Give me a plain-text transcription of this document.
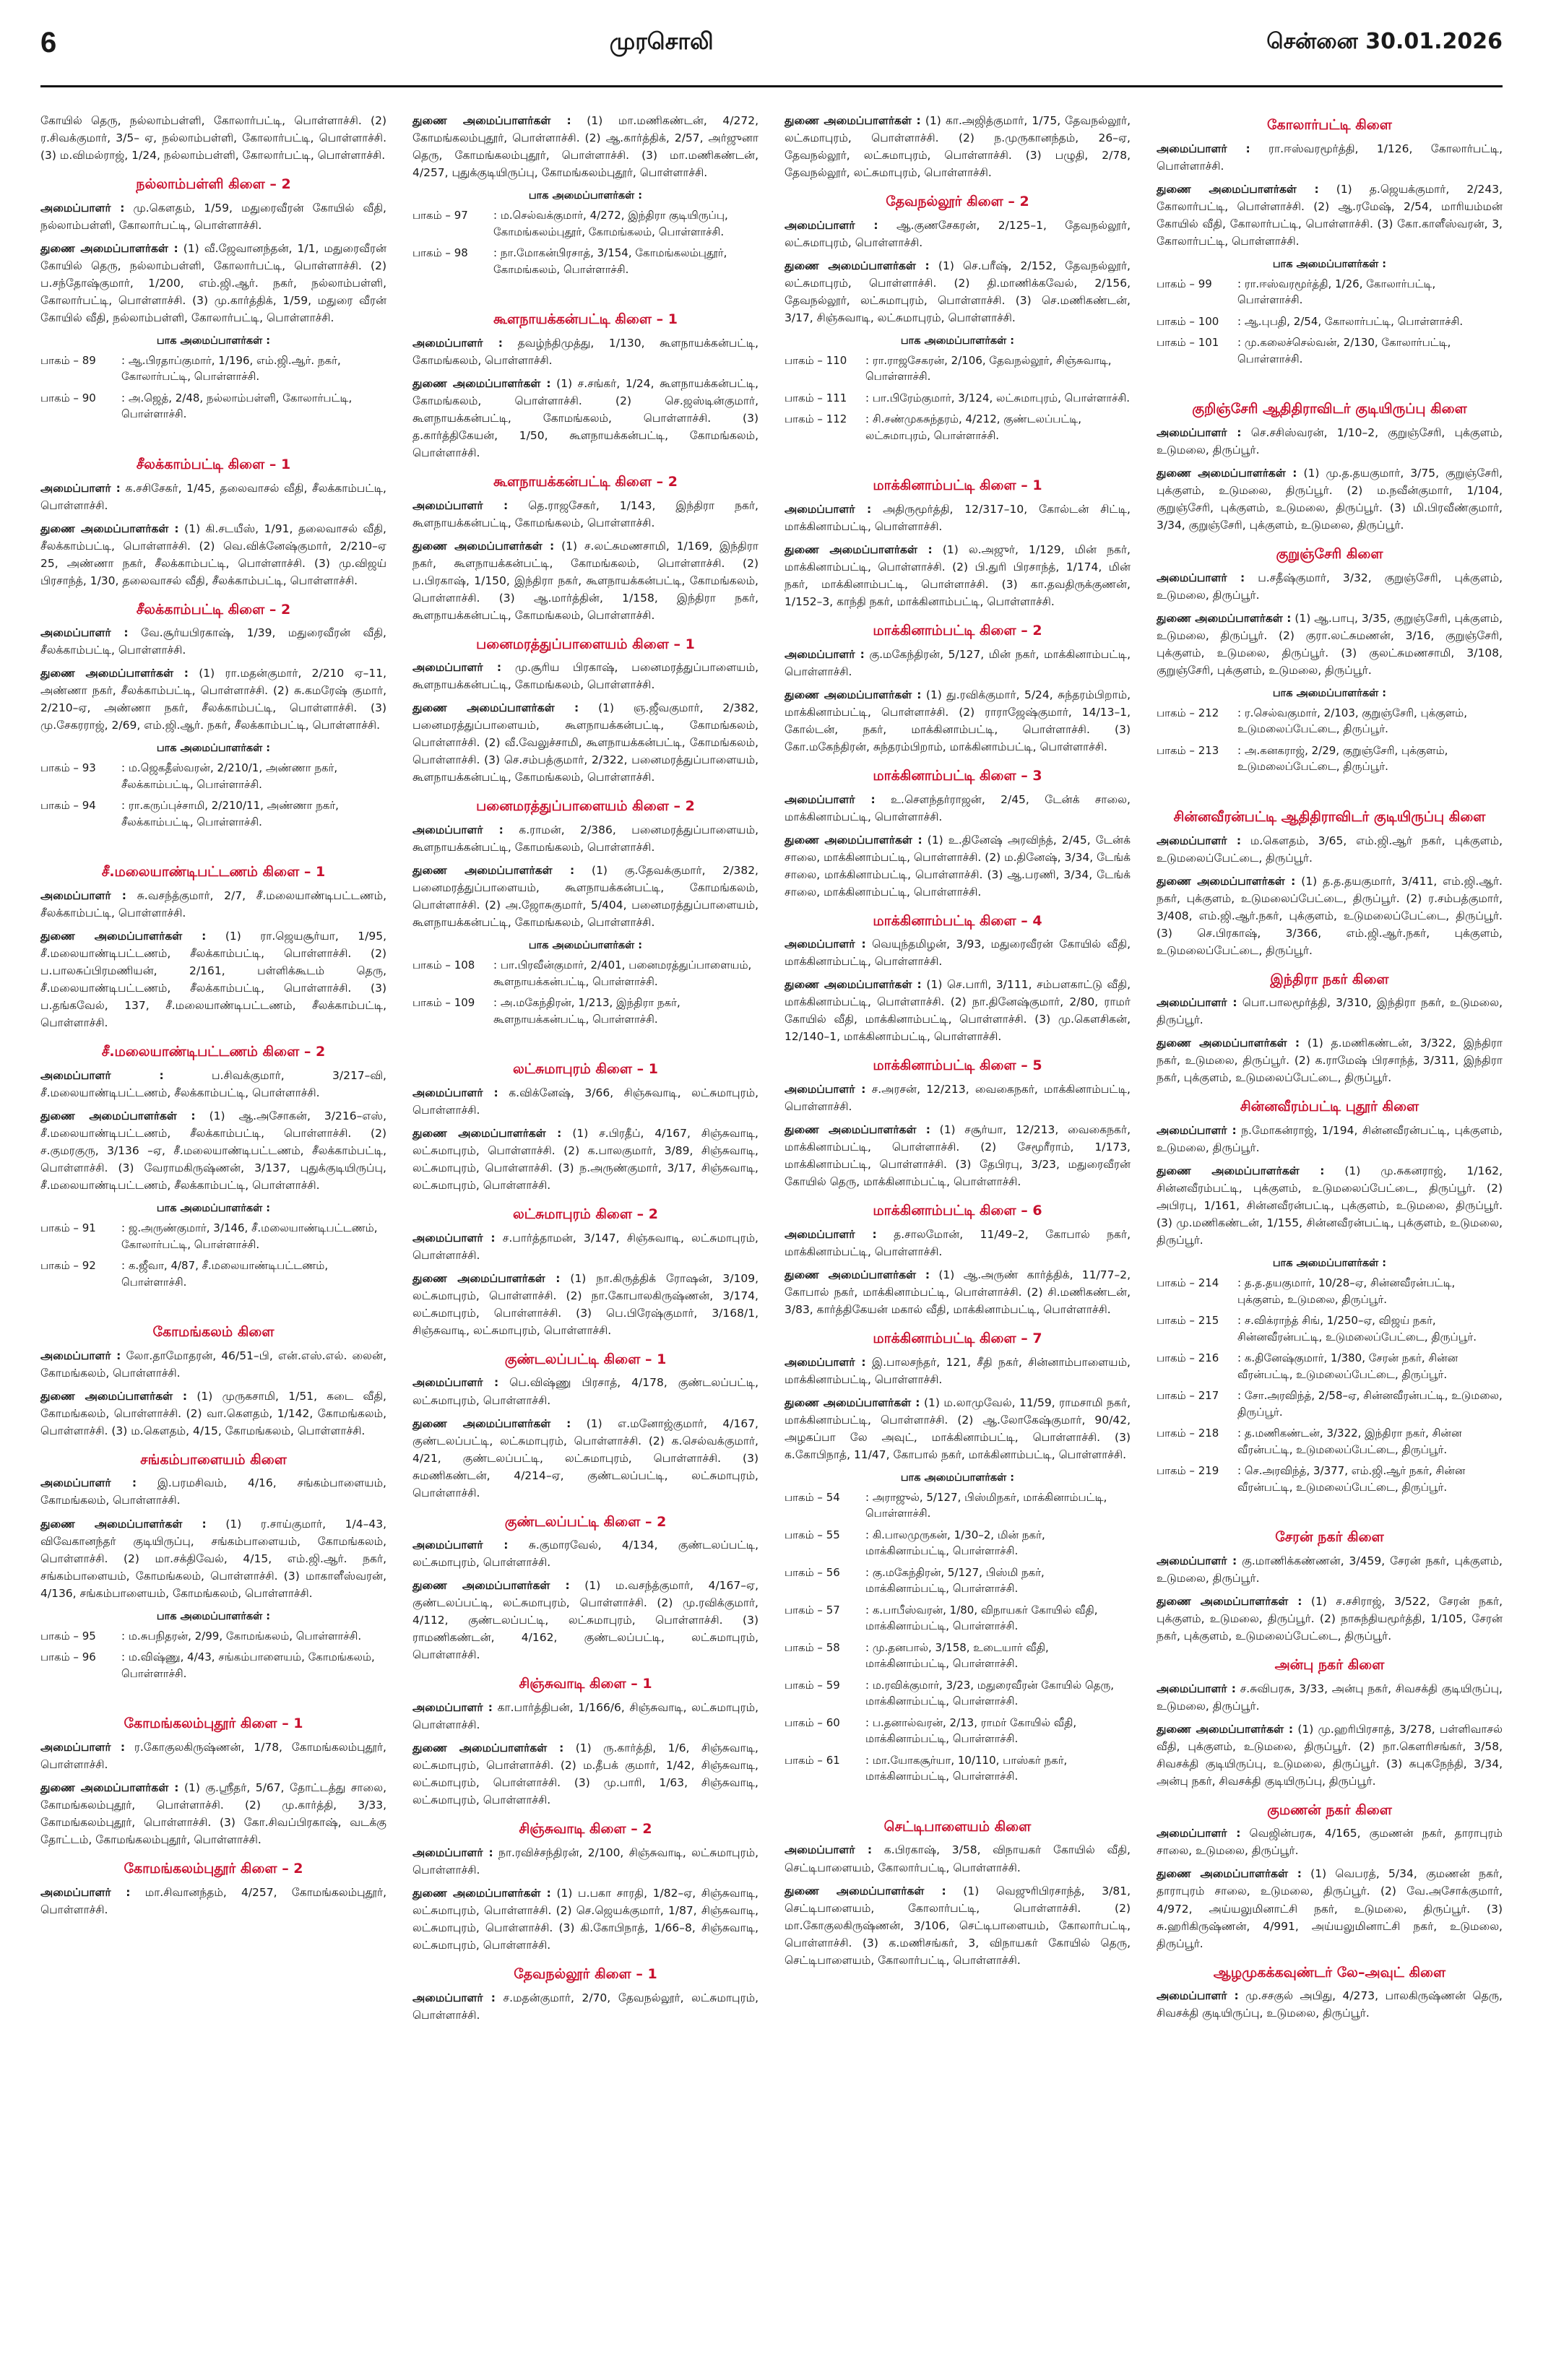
6	முரசொலி	சென்னை 30.01.2026

கோயில் தெரு, நல்லாம்பள்ளி, கோலார்பட்டி, பொள்ளாச்சி. (2) ர.சிவக்குமார், 3/5– ஏ, நல்லாம்பள்ளி, கோலார்பட்டி, பொள்ளாச்சி. (3) ம.விமல்ராஜ், 1/24, நல்லாம்பள்ளி, கோலார்பட்டி, பொள்ளாச்சி.

நல்லாம்பள்ளி கிளை – 2

அமைப்பாளர் : மு.கௌதம், 1/59, மதுரைவீரன் கோயில் வீதி, நல்லாம்பள்ளி, கோலார்பட்டி, பொள்ளாச்சி.

துணை அமைப்பாளர்கள் : (1) வீ.ஜேவானந்தன், 1/1, மதுரைவீரன் கோயில் தெரு, நல்லாம்பள்ளி, கோலார்பட்டி, பொள்ளாச்சி. (2) ப.சந்தோஷ்குமார், 1/200, எம்.ஜி.ஆர். நகர், நல்லாம்பள்ளி, கோலார்பட்டி, பொள்ளாச்சி. (3) மு.கார்த்திக், 1/59, மதுரை வீரன் கோயில் வீதி, நல்லாம்பள்ளி, கோலார்பட்டி, பொள்ளாச்சி.

பாக அமைப்பாளர்கள் :
பாகம் – 89	: ஆ.பிரதாப்குமார், 1/196, எம்.ஜி.ஆர். நகர், கோலார்பட்டி, பொள்ளாச்சி.
பாகம் – 90	: அ.ஜெத், 2/48, நல்லாம்பள்ளி, கோலார்பட்டி, பொள்ளாச்சி.
சீலக்காம்பட்டி கிளை – 1

அமைப்பாளர் : க.சசிசேகர், 1/45, தலைவாசல் வீதி, சீலக்காம்பட்டி, பொள்ளாச்சி.

துணை அமைப்பாளர்கள் : (1) கி.சடயீஸ், 1/91, தலைவாசல் வீதி, சீலக்காம்பட்டி, பொள்ளாச்சி. (2) வெ.விக்னேஷ்குமார், 2/210–ஏ 25, அண்ணா நகர், சீலக்காம்பட்டி, பொள்ளாச்சி. (3) மு.விஜய் பிரசாந்த், 1/30, தலைவாசல் வீதி, சீலக்காம்பட்டி, பொள்ளாச்சி.

சீலக்காம்பட்டி கிளை – 2

அமைப்பாளர் : வே.சூர்யபிரகாஷ், 1/39, மதுரைவீரன் வீதி, சீலக்காம்பட்டி, பொள்ளாச்சி.

துணை அமைப்பாளர்கள் : (1) ரா.மதன்குமார், 2/210 ஏ–11, அண்ணா நகர், சீலக்காம்பட்டி, பொள்ளாச்சி. (2) சு.கமரேஷ் குமார், 2/210–ஏ, அண்ணா நகர், சீலக்காம்பட்டி, பொள்ளாச்சி. (3) மு.சேகரராஜ், 2/69, எம்.ஜி.ஆர். நகர், சீலக்காம்பட்டி, பொள்ளாச்சி.

பாக அமைப்பாளர்கள் :
பாகம் – 93	: ம.ஜெகதீஸ்வரன், 2/210/1, அண்ணா நகர், சீலக்காம்பட்டி, பொள்ளாச்சி.
பாகம் – 94	: ரா.கருப்புச்சாமி, 2/210/11, அண்ணா நகர், சீலக்காம்பட்டி, பொள்ளாச்சி.
சீ.மலையாண்டிபட்டணம் கிளை – 1

அமைப்பாளர் : சு.வசந்த்குமார், 2/7, சீ.மலையாண்டிபட்டணம், சீலக்காம்பட்டி, பொள்ளாச்சி.

துணை அமைப்பாளர்கள் : (1) ரா.ஜெயசூர்யா, 1/95, சீ.மலையாண்டிபட்டணம், சீலக்காம்பட்டி, பொள்ளாச்சி. (2) ப.பாலசுப்பிரமணியன், 2/161, பள்ளிக்கூடம் தெரு, சீ.மலையாண்டிபட்டணம், சீலக்காம்பட்டி, பொள்ளாச்சி. (3) ப.தங்கவேல், 137, சீ.மலையாண்டிபட்டணம், சீலக்காம்பட்டி, பொள்ளாச்சி.

சீ.மலையாண்டிபட்டணம் கிளை – 2

அமைப்பாளர் :	ப.சிவக்குமார், 3/217–வி, சீ.மலையாண்டிபட்டணம், சீலக்காம்பட்டி, பொள்ளாச்சி.

துணை அமைப்பாளர்கள் : (1) ஆ.அசோகன், 3/216–எஸ், சீ.மலையாண்டிபட்டணம், சீலக்காம்பட்டி, பொள்ளாச்சி. (2) ச.குமரகுரு, 3/136 –ஏ, சீ.மலையாண்டிபட்டணம், சீலக்காம்பட்டி, பொள்ளாச்சி. (3) வேராமகிருஷ்ணன், 3/137, புதுக்குடியிருப்பு, சீ.மலையாண்டிபட்டணம், சீலக்காம்பட்டி, பொள்ளாச்சி.

பாக அமைப்பாளர்கள் :
பாகம் – 91	: ஜ.அருண்குமார், 3/146, சீ.மலையாண்டிபட்டணம், கோலார்பட்டி, பொள்ளாச்சி.
பாகம் – 92	: க.ஜீவா, 4/87, சீ.மலையாண்டிபட்டணம், பொள்ளாச்சி.
கோமங்கலம் கிளை

அமைப்பாளர் : லோ.தாமோதரன், 46/51–பி, என்.எஸ்.எல். லைன், கோமங்கலம், பொள்ளாச்சி.

துணை அமைப்பாளர்கள் : (1) முருகசாமி, 1/51, கடை வீதி, கோமங்கலம், பொள்ளாச்சி. (2) வா.கௌதம், 1/142, கோமங்கலம், பொள்ளாச்சி. (3) ம.கௌதம், 4/15, கோமங்கலம், பொள்ளாச்சி.

சங்கம்பாளையம் கிளை

அமைப்பாளர் : இ.பரமசிவம், 4/16, சங்கம்பாளையம், கோமங்கலம், பொள்ளாச்சி.

துணை அமைப்பாளர்கள் : (1) ர.சாய்குமார், 1/4–43, விவேகானந்தர் குடியிருப்பு, சங்கம்பாளையம், கோமங்கலம், பொள்ளாச்சி. (2) மா.சக்திவேல், 4/15, எம்.ஜி.ஆர். நகர், சங்கம்பாளையம், கோமங்கலம், பொள்ளாச்சி. (3) மாகாளீஸ்வரன், 4/136, சங்கம்பாளையம், கோமங்கலம், பொள்ளாச்சி.

பாக அமைப்பாளர்கள் :
பாகம் – 95	: ம.சுபநிதரன், 2/99, கோமங்கலம், பொள்ளாச்சி.
பாகம் – 96	: ம.விஷ்ணு, 4/43, சங்கம்பாளையம், கோமங்கலம், பொள்ளாச்சி.
கோமங்கலம்புதூர் கிளை – 1

அமைப்பாளர் : ர.கோகுலகிருஷ்ணன், 1/78, கோமங்கலம்புதூர், பொள்ளாச்சி.

துணை அமைப்பாளர்கள் : (1) கு.ஸ்ரீதர், 5/67, தோட்டத்து சாலை, கோமங்கலம்புதூர், பொள்ளாச்சி. (2) மு.கார்த்தி, 3/33, கோமங்கலம்புதூர், பொள்ளாச்சி. (3) கோ.சிவப்பிரகாஷ், வடக்கு தோட்டம், கோமங்கலம்புதூர், பொள்ளாச்சி.

கோமங்கலம்புதூர் கிளை – 2

அமைப்பாளர் : மா.சிவானந்தம், 4/257, கோமங்கலம்புதூர், பொள்ளாச்சி.

துணை அமைப்பாளர்கள் : (1) மா.மணிகண்டன், 4/272, கோமங்கலம்புதூர், பொள்ளாச்சி. (2) ஆ.கார்த்திக், 2/57, அர்ஜுனா தெரு, கோமங்கலம்புதூர், பொள்ளாச்சி. (3) மா.மணிகண்டன், 4/257, புதுக்குடியிருப்பு, கோமங்கலம்புதூர், பொள்ளாச்சி.

பாக அமைப்பாளர்கள் :
பாகம் – 97	: ம.செல்வக்குமார், 4/272, இந்திரா குடியிருப்பு, கோமங்கலம்புதூர், கோமங்கலம், பொள்ளாச்சி.
பாகம் – 98	: நா.மோகன்பிரசாத், 3/154, கோமங்கலம்புதூர், கோமங்கலம், பொள்ளாச்சி.
கூளநாயக்கன்பட்டி கிளை – 1

அமைப்பாளர் : தவழ்ந்திமுத்து, 1/130, கூளநாயக்கன்பட்டி, கோமங்கலம், பொள்ளாச்சி.

துணை அமைப்பாளர்கள் : (1) ச.சங்கர், 1/24, கூளநாயக்கன்பட்டி, கோமங்கலம், பொள்ளாச்சி. (2) செ.ஜஸ்டின்குமார், கூளநாயக்கன்பட்டி, கோமங்கலம், பொள்ளாச்சி. (3) த.கார்த்திகேயன், 1/50, கூளநாயக்கன்பட்டி, கோமங்கலம், பொள்ளாச்சி.

கூளநாயக்கன்பட்டி கிளை – 2

அமைப்பாளர் : தெ.ராஜசேகர், 1/143, இந்திரா நகர், கூளநாயக்கன்பட்டி, கோமங்கலம், பொள்ளாச்சி.

துணை அமைப்பாளர்கள் : (1) ச.லட்சுமணசாமி, 1/169, இந்திரா நகர், கூளநாயக்கன்பட்டி, கோமங்கலம், பொள்ளாச்சி. (2) ப.பிரகாஷ், 1/150, இந்திரா நகர், கூளநாயக்கன்பட்டி, கோமங்கலம், பொள்ளாச்சி. (3) ஆ.மார்த்தின், 1/158, இந்திரா நகர், கூளநாயக்கன்பட்டி, கோமங்கலம், பொள்ளாச்சி.

பனைமரத்துப்பாளையம் கிளை – 1

அமைப்பாளர் : மு.சூரிய பிரகாஷ், பனைமரத்துப்பாளையம், கூளநாயக்கன்பட்டி, கோமங்கலம், பொள்ளாச்சி.

துணை அமைப்பாளர்கள் : (1) ஞ.ஜீவகுமார், 2/382, பனைமரத்துப்பாளையம், கூளநாயக்கன்பட்டி, கோமங்கலம், பொள்ளாச்சி. (2) வீ.வேலுச்சாமி, கூளநாயக்கன்பட்டி, கோமங்கலம், பொள்ளாச்சி. (3) செ.சம்பத்குமார், 2/322, பனைமரத்துப்பாளையம், கூளநாயக்கன்பட்டி, கோமங்கலம், பொள்ளாச்சி.

பனைமரத்துப்பாளையம் கிளை – 2

அமைப்பாளர் : க.ராமன், 2/386, பனைமரத்துப்பாளையம், கூளநாயக்கன்பட்டி, கோமங்கலம், பொள்ளாச்சி.

துணை அமைப்பாளர்கள் : (1) கு.தேவக்குமார், 2/382, பனைமரத்துப்பாளையம், கூளநாயக்கன்பட்டி, கோமங்கலம், பொள்ளாச்சி. (2) அ.ஜோசுகுமார், 5/404, பனைமரத்துப்பாளையம், கூளநாயக்கன்பட்டி, கோமங்கலம், பொள்ளாச்சி.

பாக அமைப்பாளர்கள் :
பாகம் – 108	: பா.பிரவீன்குமார், 2/401, பனைமரத்துப்பாளையம், கூளநாயக்கன்பட்டி, பொள்ளாச்சி.
பாகம் – 109	: அ.மகேந்திரன், 1/213, இந்திரா நகர், கூளநாயக்கன்பட்டி, பொள்ளாச்சி.
லட்சுமாபுரம் கிளை – 1

அமைப்பாளர் : க.விக்னேஷ், 3/66, சிஞ்சுவாடி, லட்சுமாபுரம், பொள்ளாச்சி.

துணை அமைப்பாளர்கள் : (1) ச.பிரதீப், 4/167, சிஞ்சுவாடி, லட்சுமாபுரம், பொள்ளாச்சி. (2) க.பாலகுமார், 3/89, சிஞ்சுவாடி, லட்சுமாபுரம், பொள்ளாச்சி. (3) ந.அருண்குமார், 3/17, சிஞ்சுவாடி, லட்சுமாபுரம், பொள்ளாச்சி.

லட்சுமாபுரம் கிளை – 2

அமைப்பாளர் : ச.பார்த்தாமன், 3/147, சிஞ்சுவாடி, லட்சுமாபுரம், பொள்ளாச்சி.

துணை அமைப்பாளர்கள் : (1) நா.கிருத்திக் ரோஷன், 3/109, லட்சுமாபுரம், பொள்ளாச்சி. (2) நா.கோபாலகிருஷ்ணன், 3/174, லட்சுமாபுரம், பொள்ளாச்சி. (3) பெ.பிரேஷ்குமார், 3/168/1, சிஞ்சுவாடி, லட்சுமாபுரம், பொள்ளாச்சி.

குண்டலப்பட்டி கிளை – 1

அமைப்பாளர் : பெ.விஷ்ணு பிரசாத், 4/178, குண்டலப்பட்டி, லட்சுமாபுரம், பொள்ளாச்சி.

துணை அமைப்பாளர்கள் : (1) எ.மனோஜ்குமார், 4/167, குண்டலப்பட்டி, லட்சுமாபுரம், பொள்ளாச்சி. (2) க.செல்வக்குமார், 4/21, குண்டலப்பட்டி, லட்சுமாபுரம், பொள்ளாச்சி. (3) சுமணிகண்டன், 4/214–ஏ, குண்டலப்பட்டி, லட்சுமாபுரம், பொள்ளாச்சி.

குண்டலப்பட்டி கிளை – 2

அமைப்பாளர் : சு.குமாரவேல், 4/134, குண்டலப்பட்டி, லட்சுமாபுரம், பொள்ளாச்சி.

துணை அமைப்பாளர்கள் : (1) ம.வசந்த்குமார், 4/167–ஏ, குண்டலப்பட்டி, லட்சுமாபுரம், பொள்ளாச்சி. (2) மு.ரவிக்குமார், 4/112, குண்டலப்பட்டி, லட்சுமாபுரம், பொள்ளாச்சி. (3) ராமணிகண்டன், 4/162, குண்டலப்பட்டி, லட்சுமாபுரம், பொள்ளாச்சி.

சிஞ்சுவாடி கிளை – 1

அமைப்பாளர் : கா.பார்த்திபன், 1/166/6, சிஞ்சுவாடி, லட்சுமாபுரம், பொள்ளாச்சி.

துணை அமைப்பாளர்கள் : (1) ரு.கார்த்தி, 1/6, சிஞ்சுவாடி, லட்சுமாபுரம், பொள்ளாச்சி. (2) ம.தீபக் குமார், 1/42, சிஞ்சுவாடி, லட்சுமாபுரம், பொள்ளாச்சி. (3) மு.பாரி, 1/63, சிஞ்சுவாடி, லட்சுமாபுரம், பொள்ளாச்சி.

சிஞ்சுவாடி கிளை – 2

அமைப்பாளர் : நா.ரவிச்சந்திரன், 2/100, சிஞ்சுவாடி, லட்சுமாபுரம், பொள்ளாச்சி.

துணை அமைப்பாளர்கள் : (1) ப.பகா சாரதி, 1/82–ஏ, சிஞ்சுவாடி, லட்சுமாபுரம், பொள்ளாச்சி. (2) செ.ஜெயக்குமார், 1/87, சிஞ்சுவாடி, லட்சுமாபுரம், பொள்ளாச்சி. (3) கி.கோபிநாத், 1/66–8, சிஞ்சுவாடி, லட்சுமாபுரம், பொள்ளாச்சி.

தேவநல்லூர் கிளை – 1

அமைப்பாளர் : ச.மதன்குமார், 2/70, தேவநல்லூர், லட்சுமாபுரம், பொள்ளாச்சி.

துணை அமைப்பாளர்கள் : (1) கா.அஜித்குமார், 1/75, தேவநல்லூர், லட்சுமாபுரம், பொள்ளாச்சி. (2) ந.முருகானந்தம், 26–ஏ, தேவநல்லூர், லட்சுமாபுரம், பொள்ளாச்சி. (3) பழுதி, 2/78, தேவநல்லூர், லட்சுமாபுரம், பொள்ளாச்சி.

தேவநல்லூர் கிளை – 2

அமைப்பாளர் : ஆ.குணசேகரன், 2/125–1, தேவநல்லூர், லட்சுமாபுரம், பொள்ளாச்சி.

துணை அமைப்பாளர்கள் : (1) செ.பரீஷ், 2/152, தேவநல்லூர், லட்சுமாபுரம், பொள்ளாச்சி. (2) தி.மாணிக்கவேல், 2/156, தேவநல்லூர், லட்சுமாபுரம், பொள்ளாச்சி. (3) செ.மணிகண்டன், 3/17, சிஞ்சுவாடி, லட்சுமாபுரம், பொள்ளாச்சி.

பாக அமைப்பாளர்கள் :
பாகம் – 110	: ரா.ராஜசேகரன், 2/106, தேவநல்லூர், சிஞ்சுவாடி, பொள்ளாச்சி.
பாகம் – 111	: பா.பிரேம்குமார், 3/124, லட்சுமாபுரம், பொள்ளாச்சி.
பாகம் – 112	: சி.சண்முகசுந்தரம், 4/212, குண்டலப்பட்டி, லட்சுமாபுரம், பொள்ளாச்சி.
மாக்கினாம்பட்டி கிளை – 1

அமைப்பாளர் : அதிருமூர்த்தி, 12/317–10, கோல்டன் சிட்டி, மாக்கினாம்பட்டி, பொள்ளாச்சி.

துணை அமைப்பாளர்கள் : (1) ல.அஜுர், 1/129, மின் நகர், மாக்கினாம்பட்டி, பொள்ளாச்சி. (2) பி.துரி பிரசாந்த், 1/174, மின் நகர், மாக்கினாம்பட்டி, பொள்ளாச்சி. (3) கா.தவதிருக்குணன், 1/152–3, காந்தி நகர், மாக்கினாம்பட்டி, பொள்ளாச்சி.

மாக்கினாம்பட்டி கிளை – 2

அமைப்பாளர் : கு.மகேந்திரன், 5/127, மின் நகர், மாக்கினாம்பட்டி, பொள்ளாச்சி.

துணை அமைப்பாளர்கள் : (1) து.ரவிக்குமார், 5/24, சுந்தரம்பிறாம், மாக்கினாம்பட்டி, பொள்ளாச்சி. (2) ராராஜேஷ்குமார், 14/13–1, கோல்டன், நகர், மாக்கினாம்பட்டி, பொள்ளாச்சி. (3) கோ.மகேந்திரன், சுந்தரம்பிறாம், மாக்கினாம்பட்டி, பொள்ளாச்சி.

மாக்கினாம்பட்டி கிளை – 3

அமைப்பாளர் : உ.சௌந்தர்ராஜன், 2/45, டேன்க் சாலை, மாக்கினாம்பட்டி, பொள்ளாச்சி.

துணை அமைப்பாளர்கள் : (1) உ.தினேஷ் அரவிந்த், 2/45, டேன்க் சாலை, மாக்கினாம்பட்டி, பொள்ளாச்சி. (2) ம.தினேஷ், 3/34, டேங்க் சாலை, மாக்கினாம்பட்டி, பொள்ளாச்சி. (3) ஆ.பரணி, 3/34, டேங்க் சாலை, மாக்கினாம்பட்டி, பொள்ளாச்சி.

மாக்கினாம்பட்டி கிளை – 4

அமைப்பாளர் : வெயுந்தமிழன், 3/93, மதுரைவீரன் கோயில் வீதி, மாக்கினாம்பட்டி, பொள்ளாச்சி.

துணை அமைப்பாளர்கள் : (1) செ.பாரி, 3/111, சம்பளகாட்டு வீதி, மாக்கினாம்பட்டி, பொள்ளாச்சி. (2) நா.தினேஷ்குமார், 2/80, ராமர் கோயில் வீதி, மாக்கினாம்பட்டி, பொள்ளாச்சி. (3) மு.கௌசிகன், 12/140–1, மாக்கினாம்பட்டி, பொள்ளாச்சி.

மாக்கினாம்பட்டி கிளை – 5

அமைப்பாளர் : ச.அரசன், 12/213, வைகைநகர், மாக்கினாம்பட்டி, பொள்ளாச்சி.

துணை அமைப்பாளர்கள் : (1) சசூர்யா, 12/213, வைகைநகர், மாக்கினாம்பட்டி, பொள்ளாச்சி. (2) சேமூரீராம், 1/173, மாக்கினாம்பட்டி, பொள்ளாச்சி. (3) தேபிரபு, 3/23, மதுரைவீரன் கோயில் தெரு, மாக்கினாம்பட்டி, பொள்ளாச்சி.

மாக்கினாம்பட்டி கிளை – 6

அமைப்பாளர் : த.சாலமோன், 11/49–2, கோபால் நகர், மாக்கினாம்பட்டி, பொள்ளாச்சி.

துணை அமைப்பாளர்கள் : (1) ஆ.அருண் கார்த்திக், 11/77–2, கோபால் நகர், மாக்கினாம்பட்டி, பொள்ளாச்சி. (2) சி.மணிகண்டன், 3/83, கார்த்திகேயன் மகால் வீதி, மாக்கினாம்பட்டி, பொள்ளாச்சி.

மாக்கினாம்பட்டி கிளை – 7

அமைப்பாளர் : இ.பாலசந்தர், 121, சீதி நகர், சின்னாம்பாளையம், மாக்கினாம்பட்டி, பொள்ளாச்சி.

துணை அமைப்பாளர்கள் : (1) ம.லாமுவேல், 11/59, ராமசாமி நகர், மாக்கினாம்பட்டி, பொள்ளாச்சி. (2) ஆ.லோகேஷ்குமார், 90/42, அழகப்பா லே அவுட், மாக்கினாம்பட்டி, பொள்ளாச்சி. (3) க.கோபிநாத், 11/47, கோபால் நகர், மாக்கினாம்பட்டி, பொள்ளாச்சி.

பாக அமைப்பாளர்கள் :
பாகம் – 54	: அராஜுல், 5/127, பிஸ்மிநகர், மாக்கினாம்பட்டி, பொள்ளாச்சி.
பாகம் – 55	: கி.பாலமுருகன், 1/30–2, மின் நகர், மாக்கினாம்பட்டி, பொள்ளாச்சி.
பாகம் – 56	: கு.மகேந்திரன், 5/127, பிஸ்மி நகர், மாக்கினாம்பட்டி, பொள்ளாச்சி.
பாகம் – 57	: க.பாபீஸ்வரன், 1/80, விநாயகர் கோயில் வீதி, மாக்கினாம்பட்டி, பொள்ளாச்சி.
பாகம் – 58	: மு.தனபால், 3/158, உடையார் வீதி, மாக்கினாம்பட்டி, பொள்ளாச்சி.
பாகம் – 59	: ம.ரவிக்குமார், 3/23, மதுரைவீரன் கோயில் தெரு, மாக்கினாம்பட்டி, பொள்ளாச்சி.
பாகம் – 60	: ப.தனால்வரன், 2/13, ராமர் கோயில் வீதி, மாக்கினாம்பட்டி, பொள்ளாச்சி.
பாகம் – 61	: மா.யோகசூர்யா, 10/110, பாஸ்கர் நகர், மாக்கினாம்பட்டி, பொள்ளாச்சி.
செட்டிபாளையம் கிளை

அமைப்பாளர் : க.பிரகாஷ், 3/58, விநாயகர் கோயில் வீதி, செட்டிபாளையம், கோலார்பட்டி, பொள்ளாச்சி.

துணை அமைப்பாளர்கள் : (1) வெஜுரிபிரசாந்த், 3/81, செட்டிபாளையம், கோலார்பட்டி, பொள்ளாச்சி. (2) மா.கோகுலகிருஷ்ணன், 3/106, செட்டிபாளையம், கோலார்பட்டி, பொள்ளாச்சி. (3) க.மணிசங்கர், 3, விநாயகர் கோயில் தெரு, செட்டிபாளையம், கோலார்பட்டி, பொள்ளாச்சி.

கோலார்பட்டி கிளை

அமைப்பாளர் : ரா.ஈஸ்வரமூர்த்தி, 1/126, கோலார்பட்டி, பொள்ளாச்சி.

துணை அமைப்பாளர்கள் : (1) த.ஜெயக்குமார், 2/243, கோலார்பட்டி, பொள்ளாச்சி. (2) ஆ.ரமேஷ், 2/54, மாரியம்மன் கோயில் வீதி, கோலார்பட்டி, பொள்ளாச்சி. (3) கோ.காளீஸ்வரன், 3, கோலார்பட்டி, பொள்ளாச்சி.

பாக அமைப்பாளர்கள் :
பாகம் – 99	: ரா.ஈஸ்வரமூர்த்தி, 1/26, கோலார்பட்டி, பொள்ளாச்சி.
பாகம் – 100	: ஆ.புபதி, 2/54, கோலார்பட்டி, பொள்ளாச்சி.
பாகம் – 101	: மு.கலைச்செல்வன், 2/130, கோலார்பட்டி, பொள்ளாச்சி.
குறிஞ்சேரி ஆதிதிராவிடர் குடியிருப்பு கிளை

அமைப்பாளர் : செ.சசிஸ்வரன், 1/10–2, குறுஞ்சேரி, புக்குளம், உடுமலை, திருப்பூர்.

துணை அமைப்பாளர்கள் : (1) மு.த.தயகுமார், 3/75, குறுஞ்சேரி, புக்குளம், உடுமலை, திருப்பூர். (2) ம.நவீன்குமார், 1/104, குறுஞ்சேரி, புக்குளம், உடுமலை, திருப்பூர். (3) மி.பிரவீண்குமார், 3/34, குறுஞ்சேரி, புக்குளம், உடுமலை, திருப்பூர்.

குறுஞ்சேரி கிளை

அமைப்பாளர் : ப.சதீஷ்குமார், 3/32, குறுஞ்சேரி, புக்குளம், உடுமலை, திருப்பூர்.

துணை அமைப்பாளர்கள் : (1) ஆ.பாபு, 3/35, குறுஞ்சேரி, புக்குளம், உடுமலை, திருப்பூர். (2) குரா.லட்சுமணன், 3/16, குறுஞ்சேரி, புக்குளம், உடுமலை, திருப்பூர். (3) குலட்சுமணசாமி, 3/108, குறுஞ்சேரி, புக்குளம், உடுமலை, திருப்பூர்.

பாக அமைப்பாளர்கள் :
பாகம் – 212	: ர.செல்வகுமார், 2/103, குறுஞ்சேரி, புக்குளம், உடுமலைப்பேட்டை, திருப்பூர்.
பாகம் – 213	: அ.கனகராஜ், 2/29, குறுஞ்சேரி, புக்குளம், உடுமலைப்பேட்டை, திருப்பூர்.
சின்னவீரன்பட்டி ஆதிதிராவிடர் குடியிருப்பு கிளை

அமைப்பாளர் : ம.கௌதம், 3/65, எம்.ஜி.ஆர் நகர், புக்குளம், உடுமலைப்பேட்டை, திருப்பூர்.

துணை அமைப்பாளர்கள் : (1) த.த.தயகுமார், 3/411, எம்.ஜி.ஆர். நகர், புக்குளம், உடுமலைப்பேட்டை, திருப்பூர். (2) ர.சம்பத்குமார், 3/408, எம்.ஜி.ஆர்.நகர், புக்குளம், உடுமலைப்பேட்டை, திருப்பூர். (3) செ.பிரகாஷ், 3/366, எம்.ஜி.ஆர்.நகர், புக்குளம், உடுமலைப்பேட்டை, திருப்பூர்.

இந்திரா நகர் கிளை

அமைப்பாளர் : பொ.பாலமூர்த்தி, 3/310, இந்திரா நகர், உடுமலை, திருப்பூர்.

துணை அமைப்பாளர்கள் : (1) த.மணிகண்டன், 3/322, இந்திரா நகர், உடுமலை, திருப்பூர். (2) க.ராமேஷ் பிரசாந்த், 3/311, இந்திரா நகர், புக்குளம், உடுமலைப்பேட்டை, திருப்பூர்.

சின்னவீரம்பட்டி புதூர் கிளை

அமைப்பாளர் : ந.மோகன்ராஜ், 1/194, சின்னவீரன்பட்டி, புக்குளம், உடுமலை, திருப்பூர்.

துணை அமைப்பாளர்கள் : (1) மு.சுகனராஜ், 1/162, சின்னவீரம்பட்டி, புக்குளம், உடுமலைப்பேட்டை, திருப்பூர். (2) அபிரபு, 1/161, சின்னவீரன்பட்டி, புக்குளம், உடுமலை, திருப்பூர். (3) மு.மணிகண்டன், 1/155, சின்னவீரன்பட்டி, புக்குளம், உடுமலை, திருப்பூர்.

பாக அமைப்பாளர்கள் :
பாகம் – 214	: த.த.தயகுமார், 10/28–ஏ, சின்னவீரன்பட்டி, புக்குளம், உடுமலை, திருப்பூர்.
பாகம் – 215	: ச.விக்ராந்த் சிங், 1/250–ஏ, விஜய் நகர், சின்னவீரன்பட்டி, உடுமலைப்பேட்டை, திருப்பூர்.
பாகம் – 216	: க.தினேஷ்குமார், 1/380, சேரன் நகர், சின்ன வீரன்பட்டி, உடுமலைப்பேட்டை, திருப்பூர்.
பாகம் – 217	: சோ.அரவிந்த், 2/58–ஏ, சின்னவீரன்பட்டி, உடுமலை, திருப்பூர்.
பாகம் – 218	: த.மணிகண்டன், 3/322, இந்திரா நகர், சின்ன வீரன்பட்டி, உடுமலைப்பேட்டை, திருப்பூர்.
பாகம் – 219	: செ.அரவிந்த், 3/377, எம்.ஜி.ஆர் நகர், சின்ன வீரன்பட்டி, உடுமலைப்பேட்டை, திருப்பூர்.
சேரன் நகர் கிளை

அமைப்பாளர் : கு.மாணிக்கண்ணன், 3/459, சேரன் நகர், புக்குளம், உடுமலை, திருப்பூர்.

துணை அமைப்பாளர்கள் : (1) ச.சசிராஜ், 3/522, சேரன் நகர், புக்குளம், உடுமலை, திருப்பூர். (2) நாசுந்தியமூர்த்தி, 1/105, சேரன் நகர், புக்குளம், உடுமலைப்பேட்டை, திருப்பூர்.

அன்பு நகர் கிளை

அமைப்பாளர் : ச.சுவிபரசு, 3/33, அன்பு நகர், சிவசக்தி குடியிருப்பு, உடுமலை, திருப்பூர்.

துணை அமைப்பாளர்கள் : (1) மு.ஹரிபிரசாத், 3/278, பள்ளிவாசல் வீதி, புக்குளம், உடுமலை, திருப்பூர். (2) நா.கௌரிசங்கர், 3/58, சிவசக்தி குடியிருப்பு, உடுமலை, திருப்பூர். (3) சுபுகநேந்தி, 3/34, அன்பு நகர், சிவசக்தி குடியிருப்பு, திருப்பூர்.

குமணன் நகர் கிளை

அமைப்பாளர் : வெஜின்பரசு, 4/165, குமணன் நகர், தாராபுரம் சாலை, உடுமலை, திருப்பூர்.

துணை அமைப்பாளர்கள் : (1) வெபரத், 5/34, குமணன் நகர், தாராபுரம் சாலை, உடுமலை, திருப்பூர். (2) வே.அசோக்குமார், 4/972, அய்யலுமினாட்சி நகர், உடுமலை, திருப்பூர். (3) சு.ஹரிகிருஷ்ணன், 4/991, அய்யலுமினாட்சி நகர், உடுமலை, திருப்பூர்.

ஆழமுகக்கவுண்டர் லே–அவுட் கிளை

அமைப்பாளர் : மு.சசகுல் அபிது, 4/273, பாலகிருஷ்ணன் தெரு, சிவசக்தி குடியிருப்பு, உடுமலை, திருப்பூர்.
